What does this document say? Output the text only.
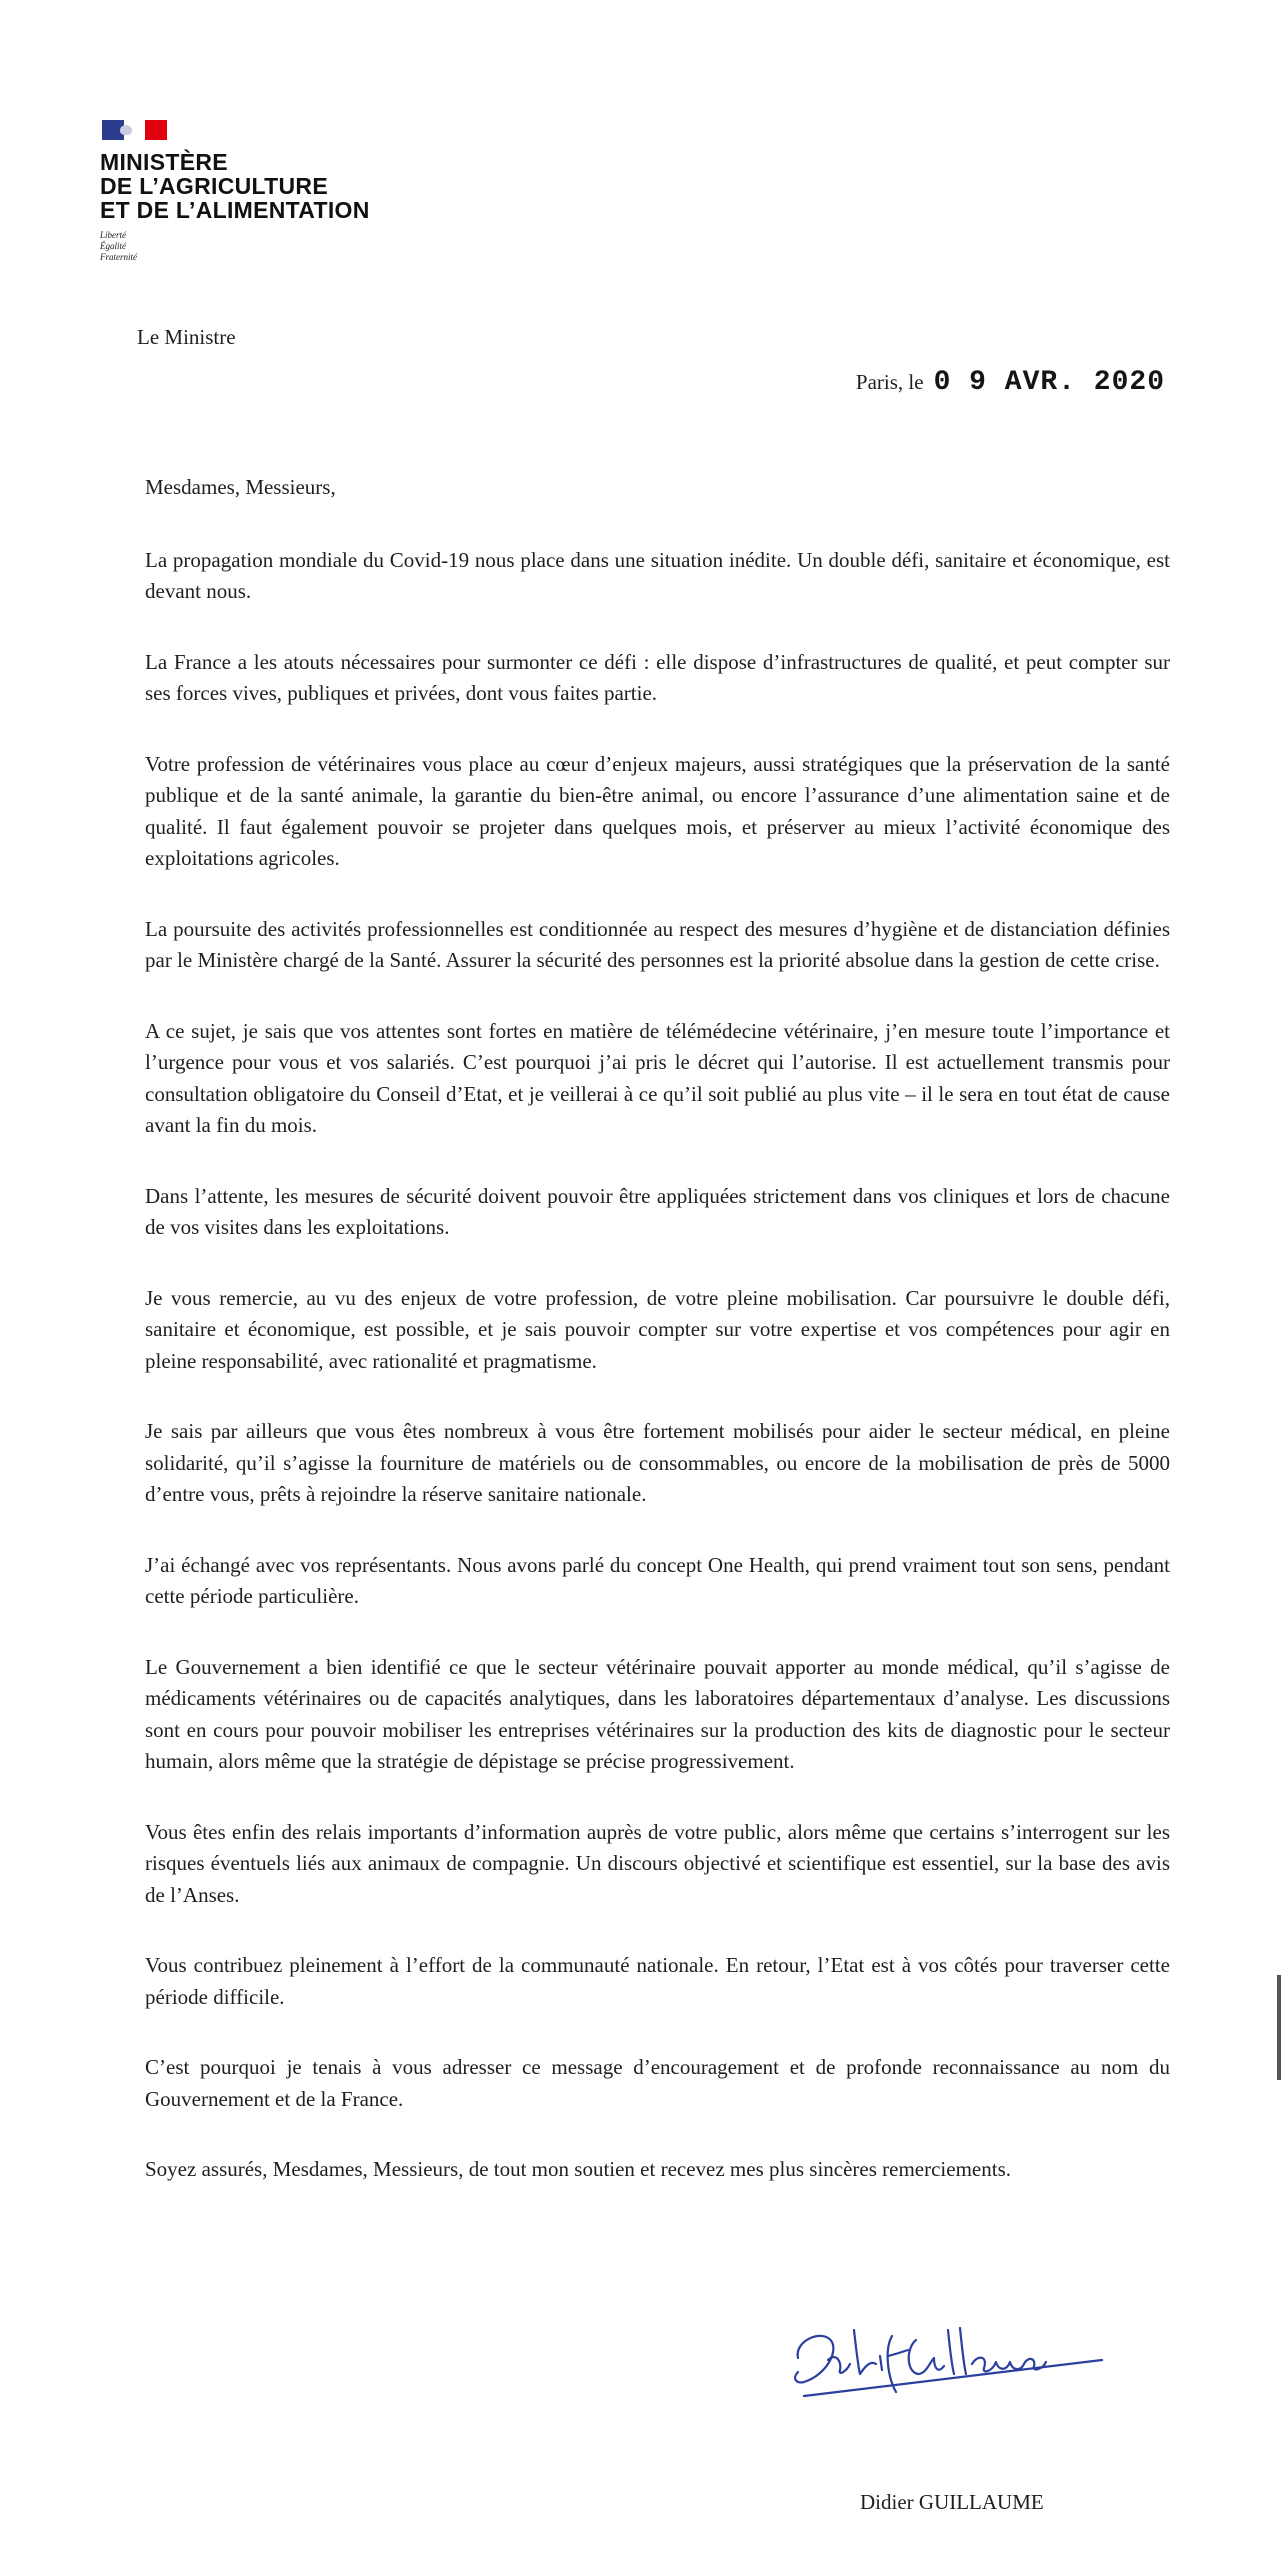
MINISTÈRE
DE L’AGRICULTURE
ET DE L’ALIMENTATION
Liberté
Égalité
Fraternité
Le Ministre
Paris, le 0 9 AVR. 2020

Mesdames, Messieurs,

La propagation mondiale du Covid-19 nous place dans une situation inédite. Un double défi, sanitaire et économique, est devant nous.

La France a les atouts nécessaires pour surmonter ce défi : elle dispose d’infrastructures de qualité, et peut compter sur ses forces vives, publiques et privées, dont vous faites partie.

Votre profession de vétérinaires vous place au cœur d’enjeux majeurs, aussi stratégiques que la préservation de la santé publique et de la santé animale, la garantie du bien-être animal, ou encore l’assurance d’une alimentation saine et de qualité. Il faut également pouvoir se projeter dans quelques mois, et préserver au mieux l’activité économique des exploitations agricoles.

La poursuite des activités professionnelles est conditionnée au respect des mesures d’hygiène et de distanciation définies par le Ministère chargé de la Santé. Assurer la sécurité des personnes est la priorité absolue dans la gestion de cette crise.

A ce sujet, je sais que vos attentes sont fortes en matière de télémédecine vétérinaire, j’en mesure toute l’importance et l’urgence pour vous et vos salariés. C’est pourquoi j’ai pris le décret qui l’autorise. Il est actuellement transmis pour consultation obligatoire du Conseil d’Etat, et je veillerai à ce qu’il soit publié au plus vite – il le sera en tout état de cause avant la fin du mois.

Dans l’attente, les mesures de sécurité doivent pouvoir être appliquées strictement dans vos cliniques et lors de chacune de vos visites dans les exploitations.

Je vous remercie, au vu des enjeux de votre profession, de votre pleine mobilisation. Car poursuivre le double défi, sanitaire et économique, est possible, et je sais pouvoir compter sur votre expertise et vos compétences pour agir en pleine responsabilité, avec rationalité et pragmatisme.

Je sais par ailleurs que vous êtes nombreux à vous être fortement mobilisés pour aider le secteur médical, en pleine solidarité, qu’il s’agisse la fourniture de matériels ou de consommables, ou encore de la mobilisation de près de 5000 d’entre vous, prêts à rejoindre la réserve sanitaire nationale.

J’ai échangé avec vos représentants. Nous avons parlé du concept One Health, qui prend vraiment tout son sens, pendant cette période particulière.

Le Gouvernement a bien identifié ce que le secteur vétérinaire pouvait apporter au monde médical, qu’il s’agisse de médicaments vétérinaires ou de capacités analytiques, dans les laboratoires départementaux d’analyse. Les discussions sont en cours pour pouvoir mobiliser les entreprises vétérinaires sur la production des kits de diagnostic pour le secteur humain, alors même que la stratégie de dépistage se précise progressivement.

Vous êtes enfin des relais importants d’information auprès de votre public, alors même que certains s’interrogent sur les risques éventuels liés aux animaux de compagnie. Un discours objectivé et scientifique est essentiel, sur la base des avis de l’Anses.

Vous contribuez pleinement à l’effort de la communauté nationale. En retour, l’Etat est à vos côtés pour traverser cette période difficile.

C’est pourquoi je tenais à vous adresser ce message d’encouragement et de profonde reconnaissance au nom du Gouvernement et de la France.

Soyez assurés, Mesdames, Messieurs, de tout mon soutien et recevez mes plus sincères remerciements.

Didier GUILLAUME
